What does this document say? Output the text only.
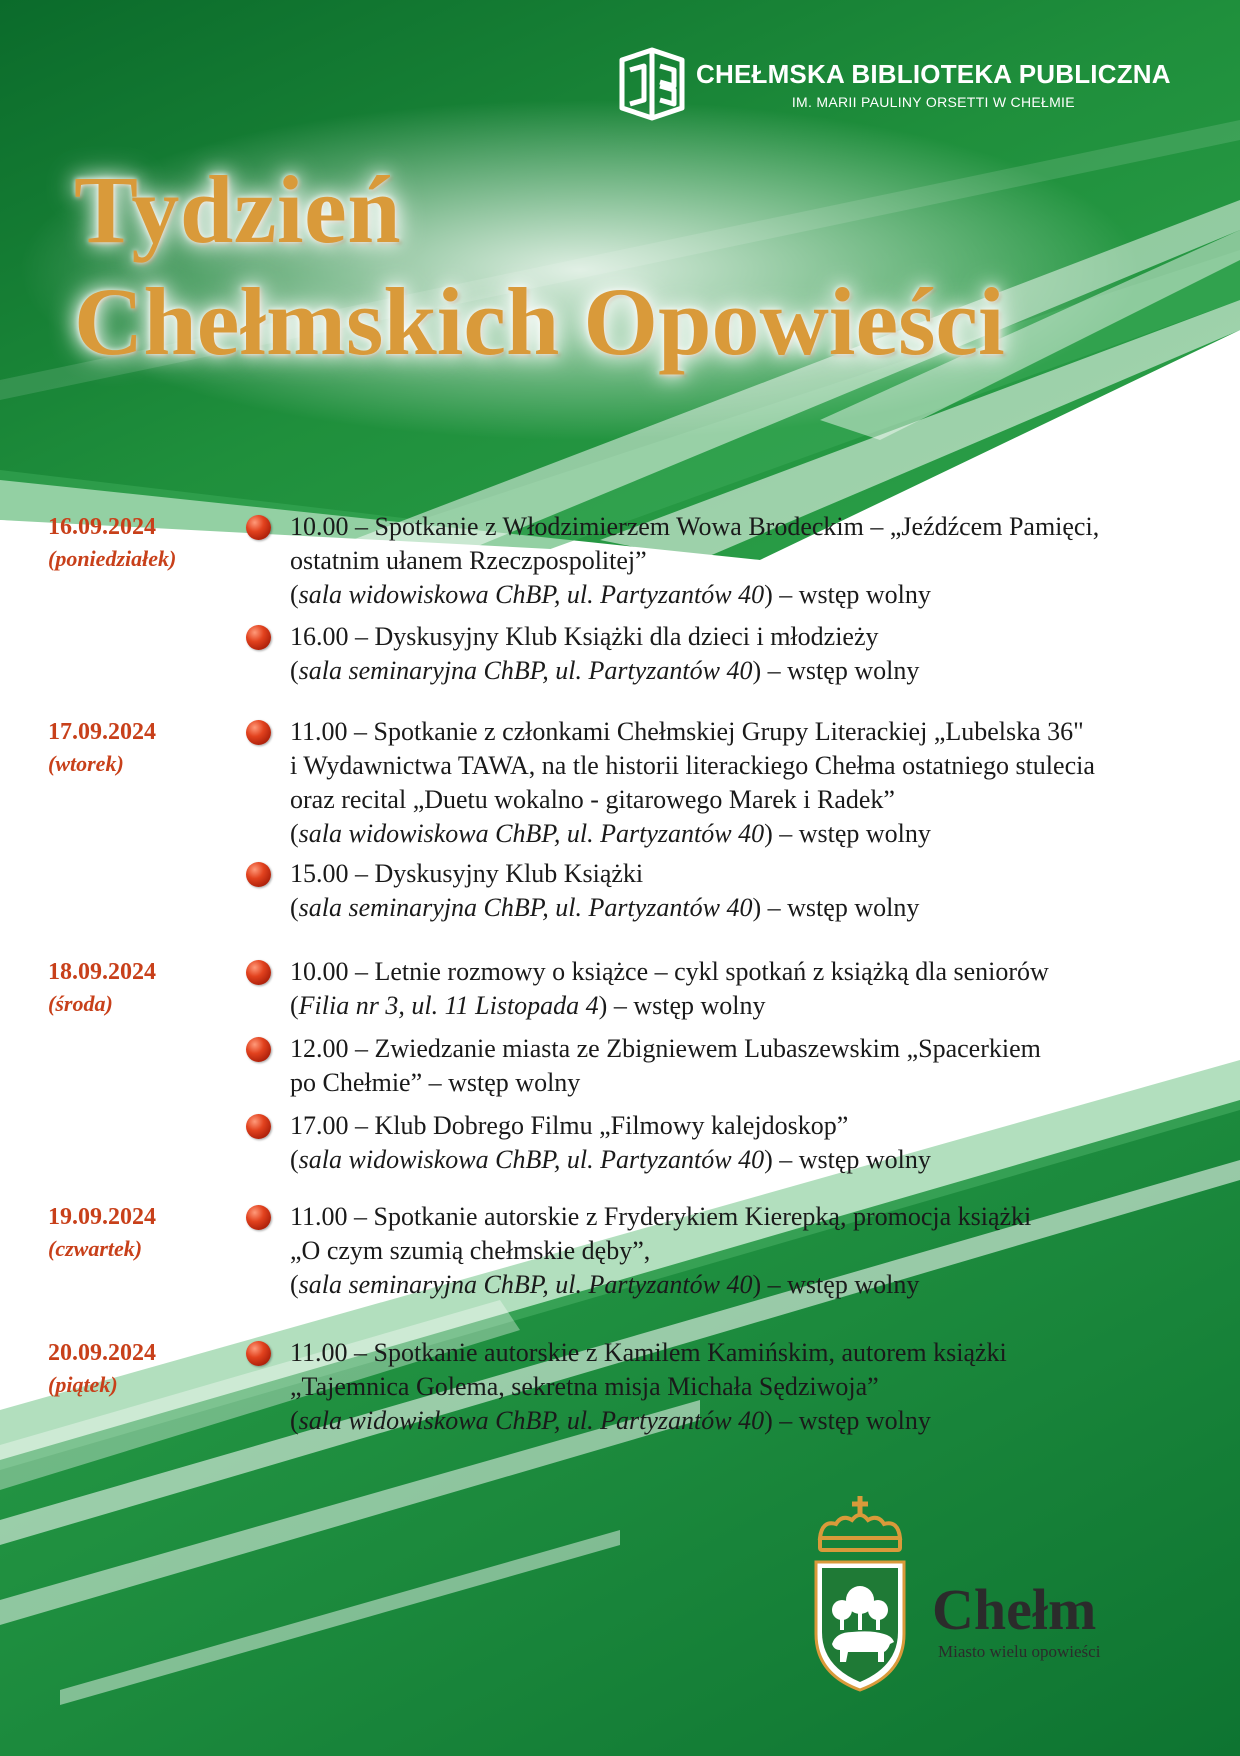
CHEŁMSKA BIBLIOTEKA PUBLICZNA
IM. MARII PAULINY ORSETTI W CHEŁMIE
Tydzień
Chełmskich Opowieści
16.09.2024
(poniedziałek)
10.00 – Spotkanie z Włodzimierzem Wowa Brodeckim – „Jeźdźcem Pamięci,
ostatnim ułanem Rzeczpospolitej”
(sala widowiskowa ChBP, ul. Partyzantów 40) – wstęp wolny
16.00 – Dyskusyjny Klub Książki dla dzieci i młodzieży
(sala seminaryjna ChBP, ul. Partyzantów 40) – wstęp wolny
17.09.2024
(wtorek)
11.00 – Spotkanie z członkami Chełmskiej Grupy Literackiej „Lubelska 36"
i Wydawnictwa TAWA, na tle historii literackiego Chełma ostatniego stulecia
oraz recital „Duetu wokalno - gitarowego Marek i Radek”
(sala widowiskowa ChBP, ul. Partyzantów 40) – wstęp wolny
15.00 – Dyskusyjny Klub Książki
(sala seminaryjna ChBP, ul. Partyzantów 40) – wstęp wolny
18.09.2024
(środa)
10.00 – Letnie rozmowy o książce – cykl spotkań z książką dla seniorów
(Filia nr 3, ul. 11 Listopada 4) – wstęp wolny
12.00 – Zwiedzanie miasta ze Zbigniewem Lubaszewskim „Spacerkiem
po Chełmie” – wstęp wolny
17.00 – Klub Dobrego Filmu „Filmowy kalejdoskop”
(sala widowiskowa ChBP, ul. Partyzantów 40) – wstęp wolny
19.09.2024
(czwartek)
11.00 – Spotkanie autorskie z Fryderykiem Kierepką, promocja książki
„O czym szumią chełmskie dęby”,
(sala seminaryjna ChBP, ul. Partyzantów 40) – wstęp wolny
20.09.2024
(piątek)
11.00 – Spotkanie autorskie z Kamilem Kamińskim, autorem książki
„Tajemnica Golema, sekretna misja Michała Sędziwoja”
(sala widowiskowa ChBP, ul. Partyzantów 40) – wstęp wolny
Chełm
Miasto wielu opowieści
